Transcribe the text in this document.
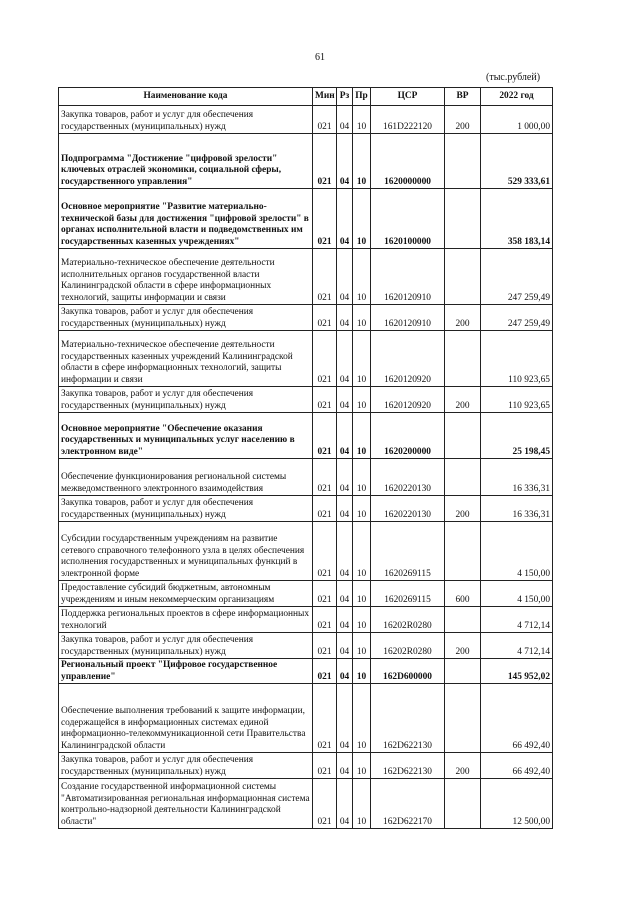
61
(тыс.рублей)
Наименование кода	Мин	Рз	Пр	ЦСР	ВР	2022 год
Закупка товаров, работ и услуг для обеспечения государственных (муниципальных) нужд	021	04	10	161D222120	200	1 000,00
Подпрограмма "Достижение "цифровой зрелости" ключевых отраслей экономики, социальной сферы, государственного управления"	021	04	10	1620000000		529 333,61
Основное мероприятие "Развитие материально-технической базы для достижения "цифровой зрелости" в органах исполнительной власти и подведомственных им государственных казенных учреждениях"	021	04	10	1620100000		358 183,14
Материально-техническое обеспечение деятельности исполнительных органов государственной власти Калининградской области в сфере информационных технологий, защиты информации и связи	021	04	10	1620120910		247 259,49
Закупка товаров, работ и услуг для обеспечения государственных (муниципальных) нужд	021	04	10	1620120910	200	247 259,49
Материально-техническое обеспечение деятельности государственных казенных учреждений Калининградской области в сфере информационных технологий, защиты информации и связи	021	04	10	1620120920		110 923,65
Закупка товаров, работ и услуг для обеспечения государственных (муниципальных) нужд	021	04	10	1620120920	200	110 923,65
Основное мероприятие "Обеспечение оказания государственных и муниципальных услуг населению в электронном виде"	021	04	10	1620200000		25 198,45
Обеспечение функционирования региональной системы межведомственного электронного взаимодействия	021	04	10	1620220130		16 336,31
Закупка товаров, работ и услуг для обеспечения государственных (муниципальных) нужд	021	04	10	1620220130	200	16 336,31
Субсидии государственным учреждениям на развитие сетевого справочного телефонного узла в целях обеспечения исполнения государственных и муниципальных функций в электронной форме	021	04	10	1620269115		4 150,00
Предоставление субсидий бюджетным, автономным учреждениям и иным некоммерческим организациям	021	04	10	1620269115	600	4 150,00
Поддержка региональных проектов в сфере информационных технологий	021	04	10	16202R0280		4 712,14
Закупка товаров, работ и услуг для обеспечения государственных (муниципальных) нужд	021	04	10	16202R0280	200	4 712,14
Региональный проект "Цифровое государственное управление"	021	04	10	162D600000		145 952,02
Обеспечение выполнения требований к защите информации, содержащейся в информационных системах единой информационно-телекоммуникационной сети Правительства Калининградской области	021	04	10	162D622130		66 492,40
Закупка товаров, работ и услуг для обеспечения государственных (муниципальных) нужд	021	04	10	162D622130	200	66 492,40
Создание государственной информационной системы "Автоматизированная региональная информационная система контрольно-надзорной деятельности Калининградской области"	021	04	10	162D622170		12 500,00
